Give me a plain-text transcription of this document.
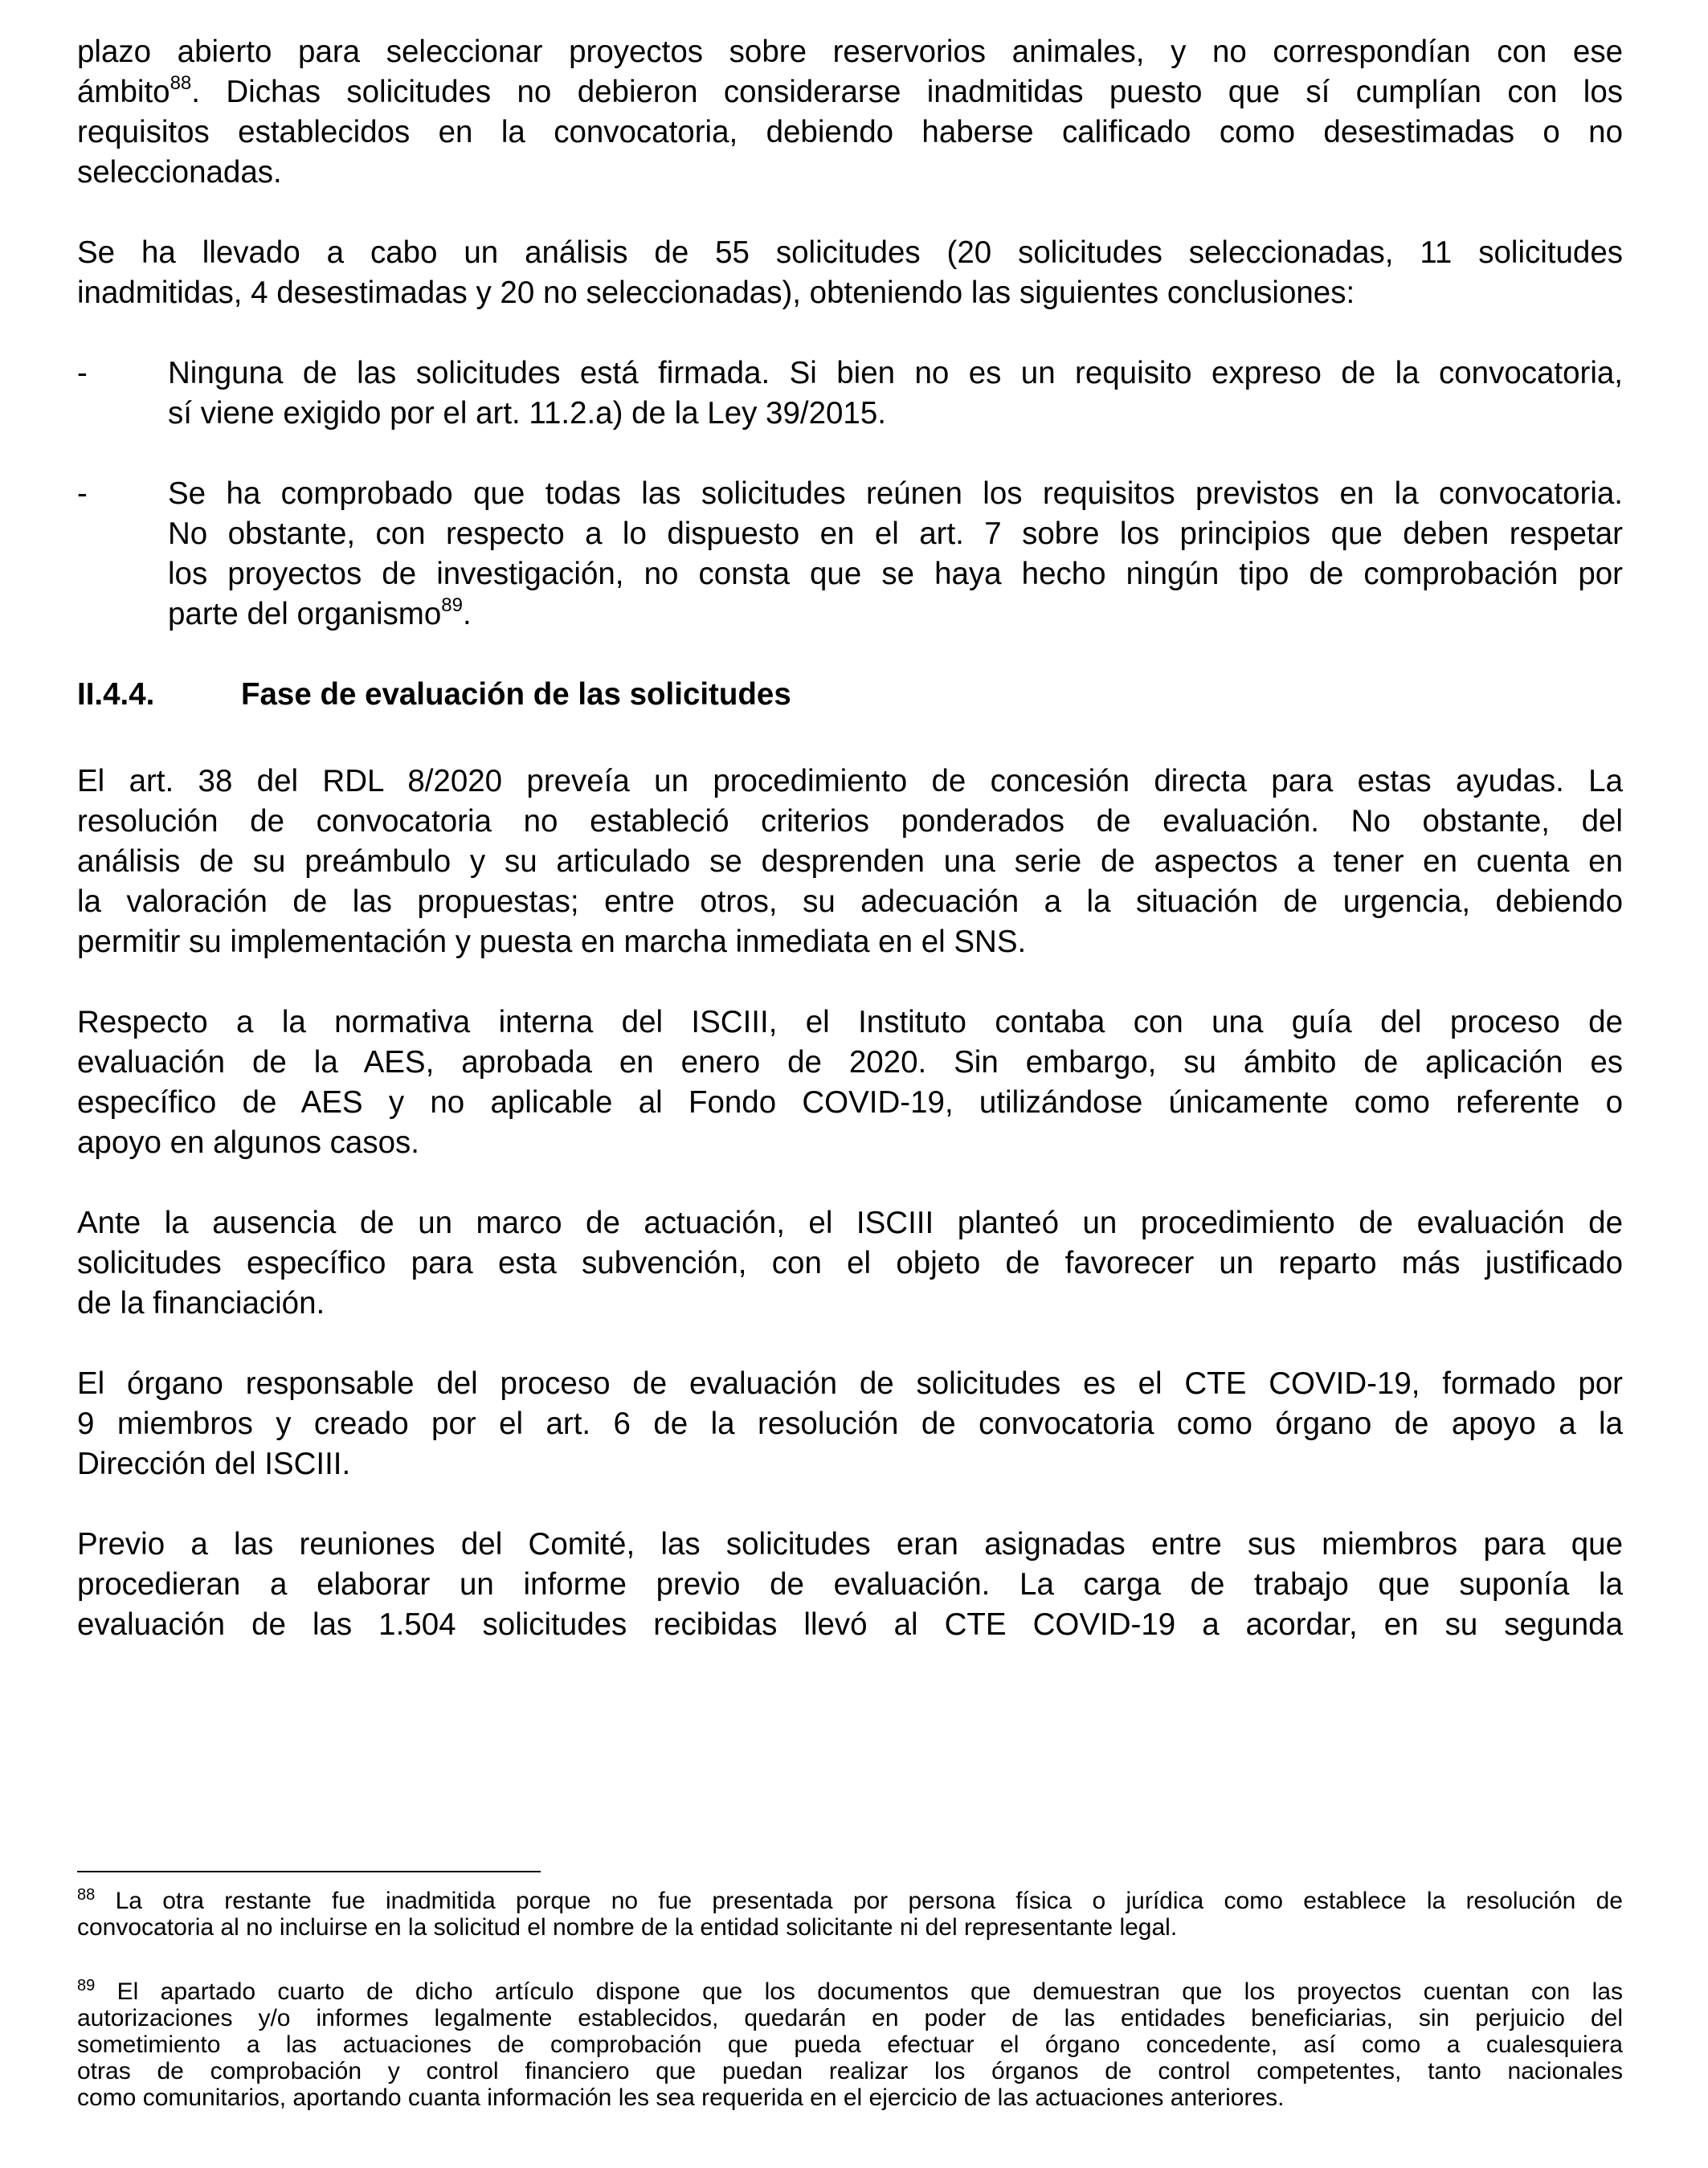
plazo abierto para seleccionar proyectos sobre reservorios animales, y no correspondían con ese
ámbito$^{88}$. Dichas solicitudes no debieron considerarse inadmitidas puesto que sí cumplían con los
requisitos establecidos en la convocatoria, debiendo haberse calificado como desestimadas o no
seleccionadas.

Se ha llevado a cabo un análisis de 55 solicitudes (20 solicitudes seleccionadas, 11 solicitudes
inadmitidas, 4 desestimadas y 20 no seleccionadas), obteniendo las siguientes conclusiones:

-	Ninguna de las solicitudes está firmada. Si bien no es un requisito expreso de la convocatoria,
sí viene exigido por el art. 11.2.a) de la Ley 39/2015.
-	Se ha comprobado que todas las solicitudes reúnen los requisitos previstos en la convocatoria.
No obstante, con respecto a lo dispuesto en el art. 7 sobre los principios que deben respetar
los proyectos de investigación, no consta que se haya hecho ningún tipo de comprobación por
parte del organismo$^{89}$.
II.4.4.	Fase de evaluación de las solicitudes

El art. 38 del RDL 8/2020 preveía un procedimiento de concesión directa para estas ayudas. La
resolución de convocatoria no estableció criterios ponderados de evaluación. No obstante, del
análisis de su preámbulo y su articulado se desprenden una serie de aspectos a tener en cuenta en
la valoración de las propuestas; entre otros, su adecuación a la situación de urgencia, debiendo
permitir su implementación y puesta en marcha inmediata en el SNS.

Respecto a la normativa interna del ISCIII, el Instituto contaba con una guía del proceso de
evaluación de la AES, aprobada en enero de 2020. Sin embargo, su ámbito de aplicación es
específico de AES y no aplicable al Fondo COVID-19, utilizándose únicamente como referente o
apoyo en algunos casos.

Ante la ausencia de un marco de actuación, el ISCIII planteó un procedimiento de evaluación de
solicitudes específico para esta subvención, con el objeto de favorecer un reparto más justificado
de la financiación.

El órgano responsable del proceso de evaluación de solicitudes es el CTE COVID-19, formado por
9 miembros y creado por el art. 6 de la resolución de convocatoria como órgano de apoyo a la
Dirección del ISCIII.

Previo a las reuniones del Comité, las solicitudes eran asignadas entre sus miembros para que
procedieran a elaborar un informe previo de evaluación. La carga de trabajo que suponía la
evaluación de las 1.504 solicitudes recibidas llevó al CTE COVID-19 a acordar, en su segunda

$^{88}$ La otra restante fue inadmitida porque no fue presentada por persona física o jurídica como establece la resolución de
convocatoria al no incluirse en la solicitud el nombre de la entidad solicitante ni del representante legal.

$^{89}$ El apartado cuarto de dicho artículo dispone que los documentos que demuestran que los proyectos cuentan con las
autorizaciones y/o informes legalmente establecidos, quedarán en poder de las entidades beneficiarias, sin perjuicio del
sometimiento a las actuaciones de comprobación que pueda efectuar el órgano concedente, así como a cualesquiera
otras de comprobación y control financiero que puedan realizar los órganos de control competentes, tanto nacionales
como comunitarios, aportando cuanta información les sea requerida en el ejercicio de las actuaciones anteriores.
